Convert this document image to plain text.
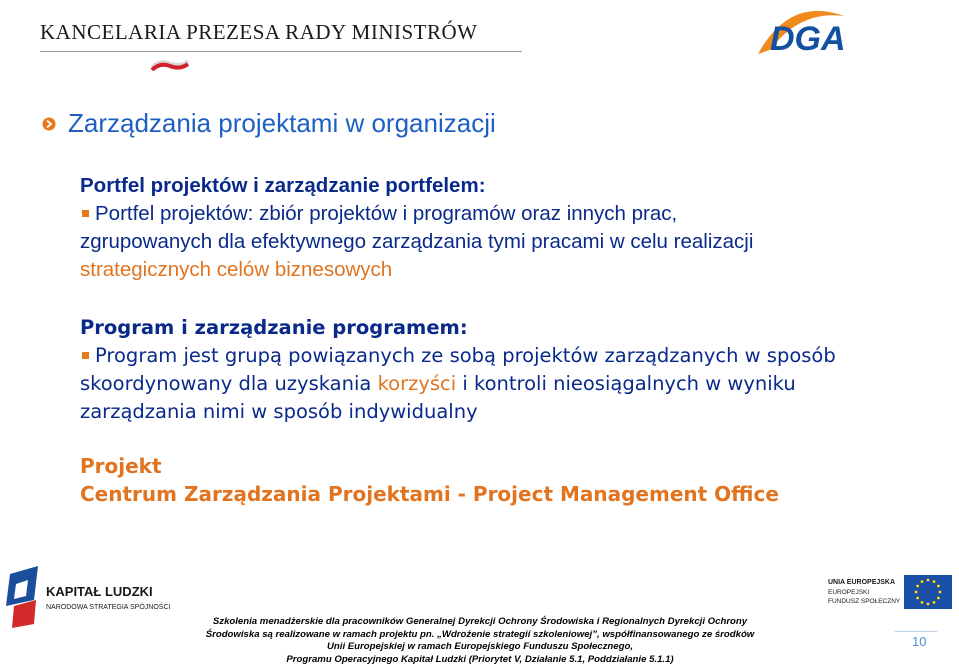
KANCELARIA PREZESA RADY MINISTRÓW	DGA
Zarządzania projektami w organizacji
Portfel projektów i zarządzanie portfelem:
Portfel projektów: zbiór projektów i programów oraz innych prac, zgrupowanych dla efektywnego zarządzania tymi pracami w celu realizacji strategicznych celów biznesowych
Program i zarządzanie programem:
Program jest grupą powiązanych ze sobą projektów zarządzanych w sposób skoordynowany dla uzyskania korzyści i kontroli nieosiągalnych w wyniku zarządzania nimi w sposób indywidualny
Projekt
Centrum Zarządzania Projektami - Project Management Office
KAPITAŁ LUDZKI
NARODOWA STRATEGIA SPÓJNOŚCI
UNIA EUROPEJSKA
EUROPEJSKI
FUNDUSZ SPOŁECZNY
Szkolenia menadżerskie dla pracowników Generalnej Dyrekcji Ochrony Środowiska i Regionalnych Dyrekcji Ochrony
Środowiska są realizowane w ramach projektu pn. „Wdrożenie strategii szkoleniowej”, współfinansowanego ze środków
Unii Europejskiej w ramach Europejskiego Funduszu Społecznego,
Programu Operacyjnego Kapitał Ludzki (Priorytet V, Działanie 5.1, Poddziałanie 5.1.1)
10
